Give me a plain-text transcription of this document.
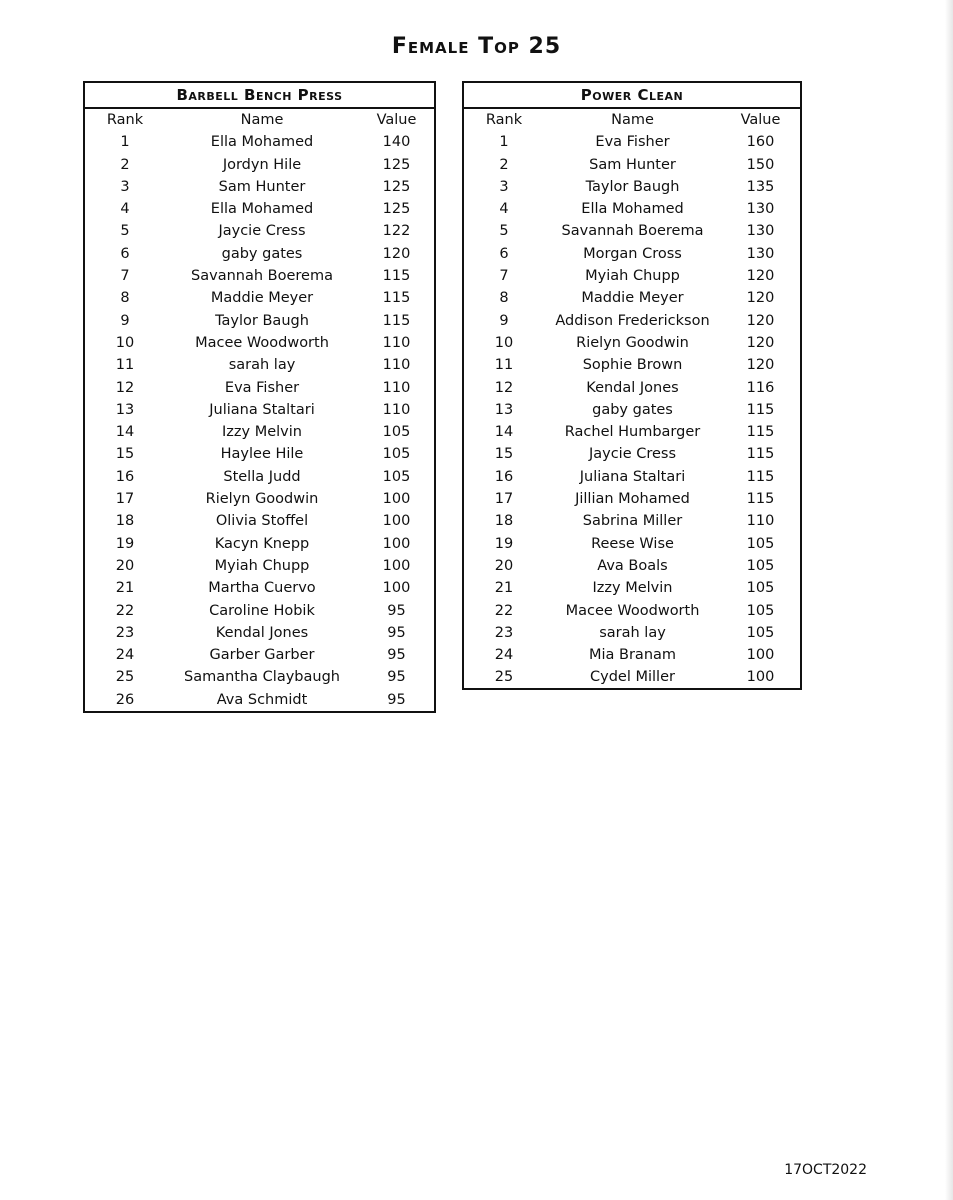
Female Top 25
Barbell Bench Press
Rank	Name	Value
1	Ella Mohamed	140
2	Jordyn Hile	125
3	Sam Hunter	125
4	Ella Mohamed	125
5	Jaycie Cress	122
6	gaby gates	120
7	Savannah Boerema	115
8	Maddie Meyer	115
9	Taylor Baugh	115
10	Macee Woodworth	110
11	sarah lay	110
12	Eva Fisher	110
13	Juliana Staltari	110
14	Izzy Melvin	105
15	Haylee Hile	105
16	Stella Judd	105
17	Rielyn Goodwin	100
18	Olivia Stoffel	100
19	Kacyn Knepp	100
20	Myiah Chupp	100
21	Martha Cuervo	100
22	Caroline Hobik	95
23	Kendal Jones	95
24	Garber Garber	95
25	Samantha Claybaugh	95
26	Ava Schmidt	95
Power Clean
Rank	Name	Value
1	Eva Fisher	160
2	Sam Hunter	150
3	Taylor Baugh	135
4	Ella Mohamed	130
5	Savannah Boerema	130
6	Morgan Cross	130
7	Myiah Chupp	120
8	Maddie Meyer	120
9	Addison Frederickson	120
10	Rielyn Goodwin	120
11	Sophie Brown	120
12	Kendal Jones	116
13	gaby gates	115
14	Rachel Humbarger	115
15	Jaycie Cress	115
16	Juliana Staltari	115
17	Jillian Mohamed	115
18	Sabrina Miller	110
19	Reese Wise	105
20	Ava Boals	105
21	Izzy Melvin	105
22	Macee Woodworth	105
23	sarah lay	105
24	Mia Branam	100
25	Cydel Miller	100
17OCT2022
